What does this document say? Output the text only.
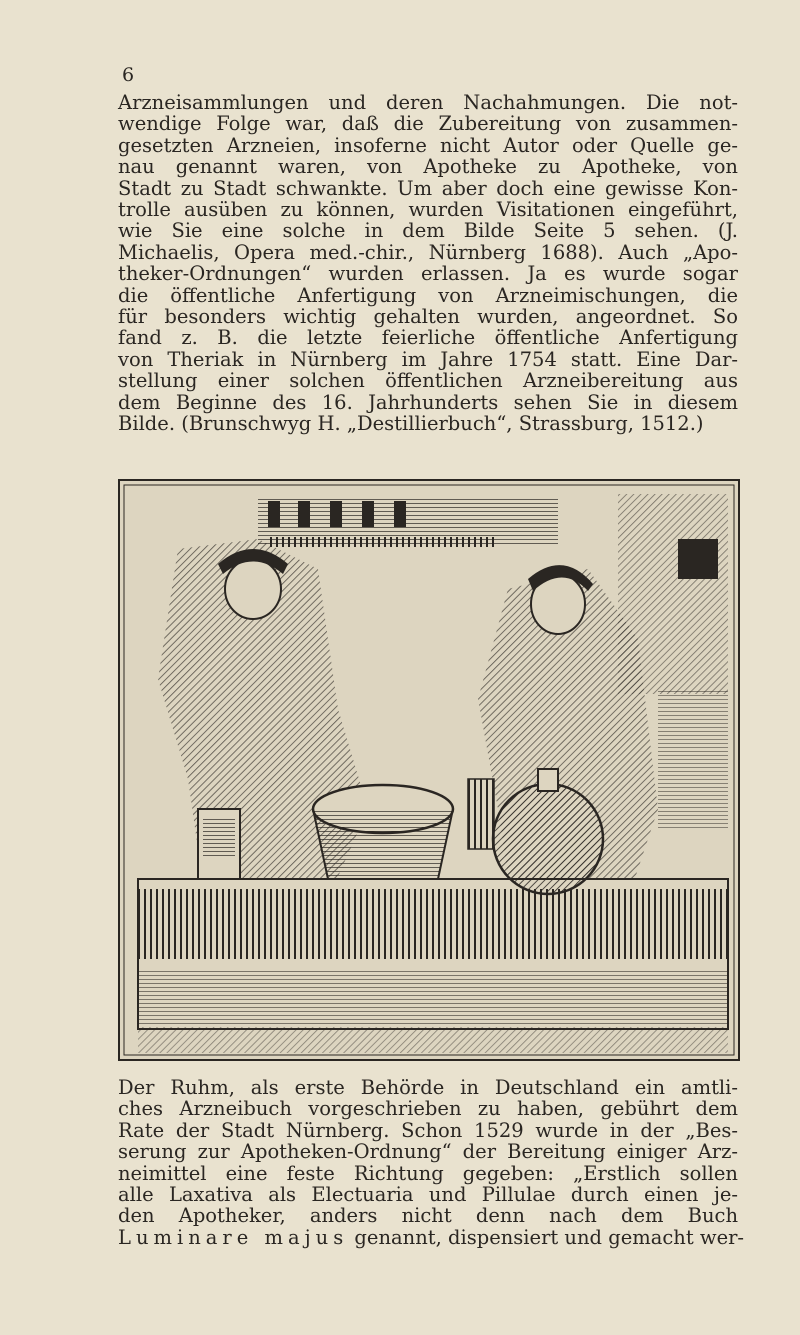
6
Arzneisammlungen und deren Nachahmungen. Die not-
wendige Folge war, daß die Zubereitung von zusammen-
gesetzten Arzneien, insoferne nicht Autor oder Quelle ge-
nau genannt waren, von Apotheke zu Apotheke, von
Stadt zu Stadt schwankte. Um aber doch eine gewisse Kon-
trolle ausüben zu können, wurden Visitationen eingeführt,
wie Sie eine solche in dem Bilde Seite 5 sehen. (J.
Michaelis, Opera med.-chir., Nürnberg 1688). Auch „Apo-
theker-Ordnungen“ wurden erlassen. Ja es wurde sogar
die öffentliche Anfertigung von Arzneimischungen, die
für besonders wichtig gehalten wurden, angeordnet. So
fand z. B. die letzte feierliche öffentliche Anfertigung
von Theriak in Nürnberg im Jahre 1754 statt. Eine Dar-
stellung einer solchen öffentlichen Arzneibereitung aus
dem Beginne des 16. Jahrhunderts sehen Sie in diesem
Bilde. (Brunschwyg H. „Destillierbuch“, Strassburg, 1512.)
Der Ruhm, als erste Behörde in Deutschland ein amtli-
ches Arzneibuch vorgeschrieben zu haben, gebührt dem
Rate der Stadt Nürnberg. Schon 1529 wurde in der „Bes-
serung zur Apotheken-Ordnung“ der Bereitung einiger Arz-
neimittel eine feste Richtung gegeben: „Erstlich sollen
alle Laxativa als Electuaria und Pillulae durch einen je-
den Apotheker, anders nicht denn nach dem Buch
Luminare majus genannt, dispensiert und gemacht wer-
